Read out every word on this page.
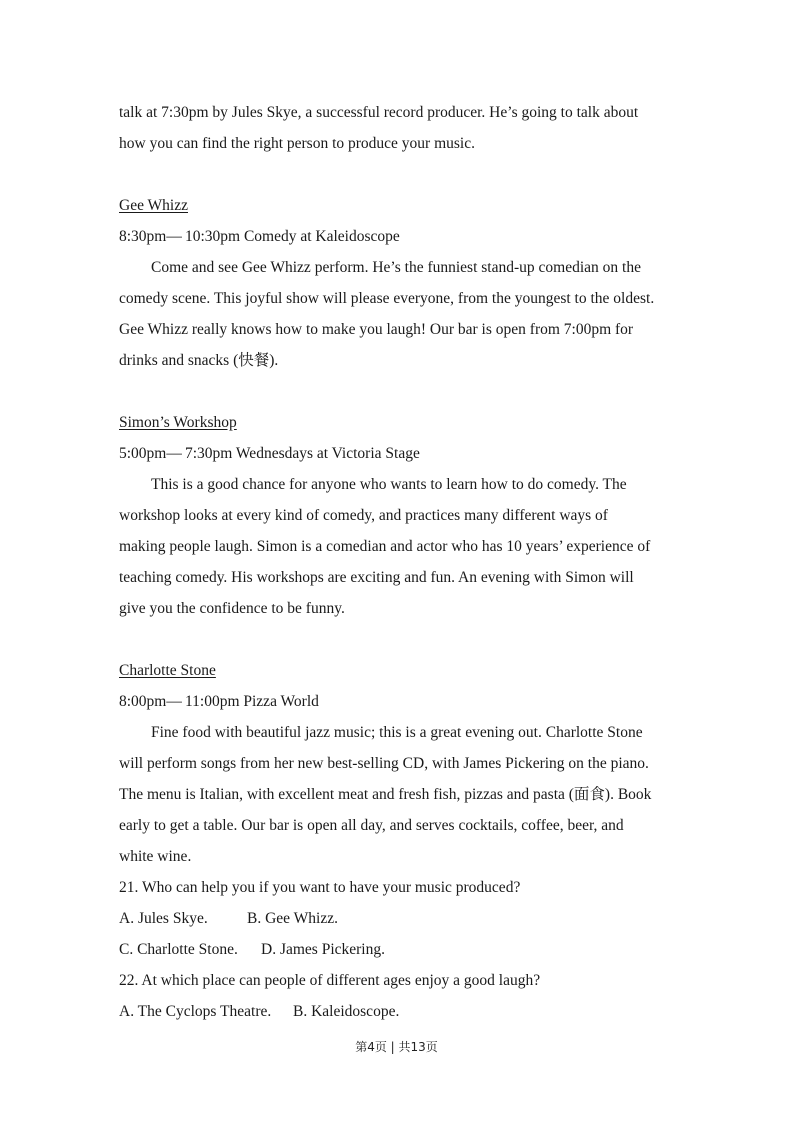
talk at 7:30pm by Jules Skye, a successful record producer. He’s going to talk about
how you can find the right person to produce your music.
Gee Whizz
8:30pm— 10:30pm Comedy at Kaleidoscope
Come and see Gee Whizz perform. He’s the funniest stand-up comedian on the
comedy scene. This joyful show will please everyone, from the youngest to the oldest.
Gee Whizz really knows how to make you laugh! Our bar is open from 7:00pm for
drinks and snacks (快餐).
Simon’s Workshop
5:00pm— 7:30pm Wednesdays at Victoria Stage
This is a good chance for anyone who wants to learn how to do comedy. The
workshop looks at every kind of comedy, and practices many different ways of
making people laugh. Simon is a comedian and actor who has 10 years’ experience of
teaching comedy. His workshops are exciting and fun. An evening with Simon will
give you the confidence to be funny.
Charlotte Stone
8:00pm— 11:00pm Pizza World
Fine food with beautiful jazz music; this is a great evening out. Charlotte Stone
will perform songs from her new best-selling CD, with James Pickering on the piano.
The menu is Italian, with excellent meat and fresh fish, pizzas and pasta (面食). Book
early to get a table. Our bar is open all day, and serves cocktails, coffee, beer, and
white wine.
21. Who can help you if you want to have your music produced?
A. Jules Skye.	B. Gee Whizz.
C. Charlotte Stone. D. James Pickering.
22. At which place can people of different ages enjoy a good laugh?
A. The Cyclops Theatre. B. Kaleidoscope.
第4页 | 共13页
